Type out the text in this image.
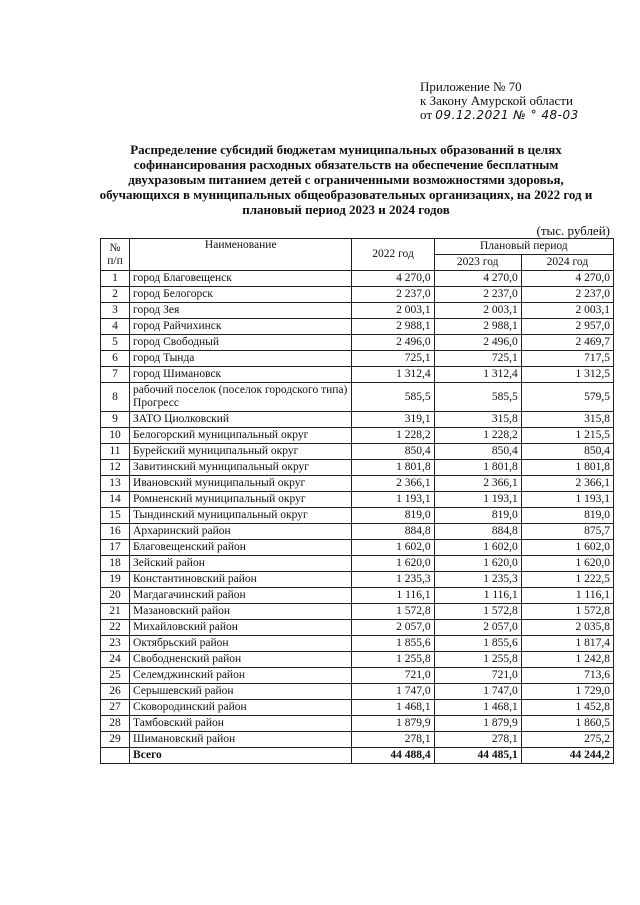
Приложение № 70
к Закону Амурской области
от 09.12.2021 № ° 48-03
Распределение субсидий бюджетам муниципальных образований в целях софинансирования расходных обязательств на обеспечение бесплатным двухразовым питанием детей с ограниченными возможностями здоровья, обучающихся в муниципальных общеобразовательных организациях, на 2022 год и плановый период 2023 и 2024 годов
(тыс. рублей)
№ п/п	Наименование	2022 год	Плановый период	
			2023 год	2024 год
1	город Благовещенск	4 270,0	4 270,0	4 270,0
2	город Белогорск	2 237,0	2 237,0	2 237,0
3	город Зея	2 003,1	2 003,1	2 003,1
4	город Райчихинск	2 988,1	2 988,1	2 957,0
5	город Свободный	2 496,0	2 496,0	2 469,7
6	город Тында	725,1	725,1	717,5
7	город Шимановск	1 312,4	1 312,4	1 312,5
8	рабочий поселок (поселок городского типа) Прогресс	585,5	585,5	579,5
9	ЗАТО Циолковский	319,1	315,8	315,8
10	Белогорский муниципальный округ	1 228,2	1 228,2	1 215,5
11	Бурейский муниципальный округ	850,4	850,4	850,4
12	Завитинский муниципальный округ	1 801,8	1 801,8	1 801,8
13	Ивановский муниципальный округ	2 366,1	2 366,1	2 366,1
14	Ромненский муниципальный округ	1 193,1	1 193,1	1 193,1
15	Тындинский муниципальный округ	819,0	819,0	819,0
16	Архаринский район	884,8	884,8	875,7
17	Благовещенский район	1 602,0	1 602,0	1 602,0
18	Зейский район	1 620,0	1 620,0	1 620,0
19	Константиновский район	1 235,3	1 235,3	1 222,5
20	Магдагачинский район	1 116,1	1 116,1	1 116,1
21	Мазановский район	1 572,8	1 572,8	1 572,8
22	Михайловский район	2 057,0	2 057,0	2 035,8
23	Октябрьский район	1 855,6	1 855,6	1 817,4
24	Свободненский район	1 255,8	1 255,8	1 242,8
25	Селемджинский район	721,0	721,0	713,6
26	Серышевский район	1 747,0	1 747,0	1 729,0
27	Сковородинский район	1 468,1	1 468,1	1 452,8
28	Тамбовский район	1 879,9	1 879,9	1 860,5
29	Шимановский район	278,1	278,1	275,2
	Всего	44 488,4	44 485,1	44 244,2
